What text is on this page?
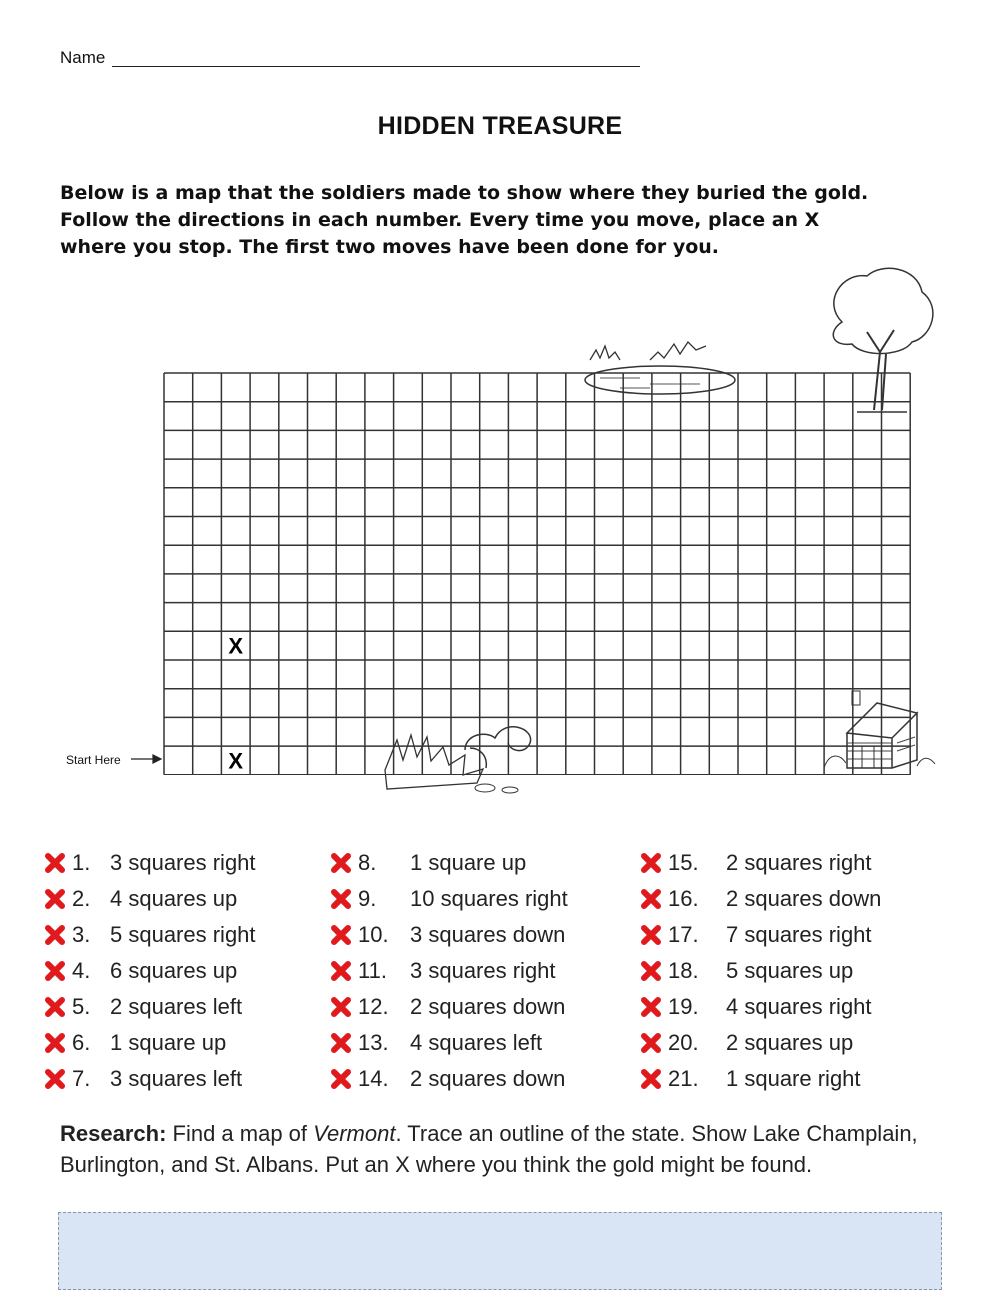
Name
HIDDEN TREASURE
Below is a map that the soldiers made to show where they buried the gold.
Follow the directions in each number. Every time you move, place an X
where you stop. The first two moves have been done for you.
X
X
Start Here
1. 3 squares right
2. 4 squares up
3. 5 squares right
4. 6 squares up
5. 2 squares left
6. 1 square up
7. 3 squares left
8.	1 square up
9.	10 squares right
10. 3 squares down
11.	3 squares right
12. 2 squares down
13. 4 squares left
14. 2 squares down
15.	2 squares right
16.	2 squares down
17.	7 squares right
18.	5 squares up
19.	4 squares right
20.	2 squares up
21.	1 square right
Research: Find a map of Vermont. Trace an outline of the state. Show Lake Champlain, Burlington, and St. Albans. Put an X where you think the gold might be found.
